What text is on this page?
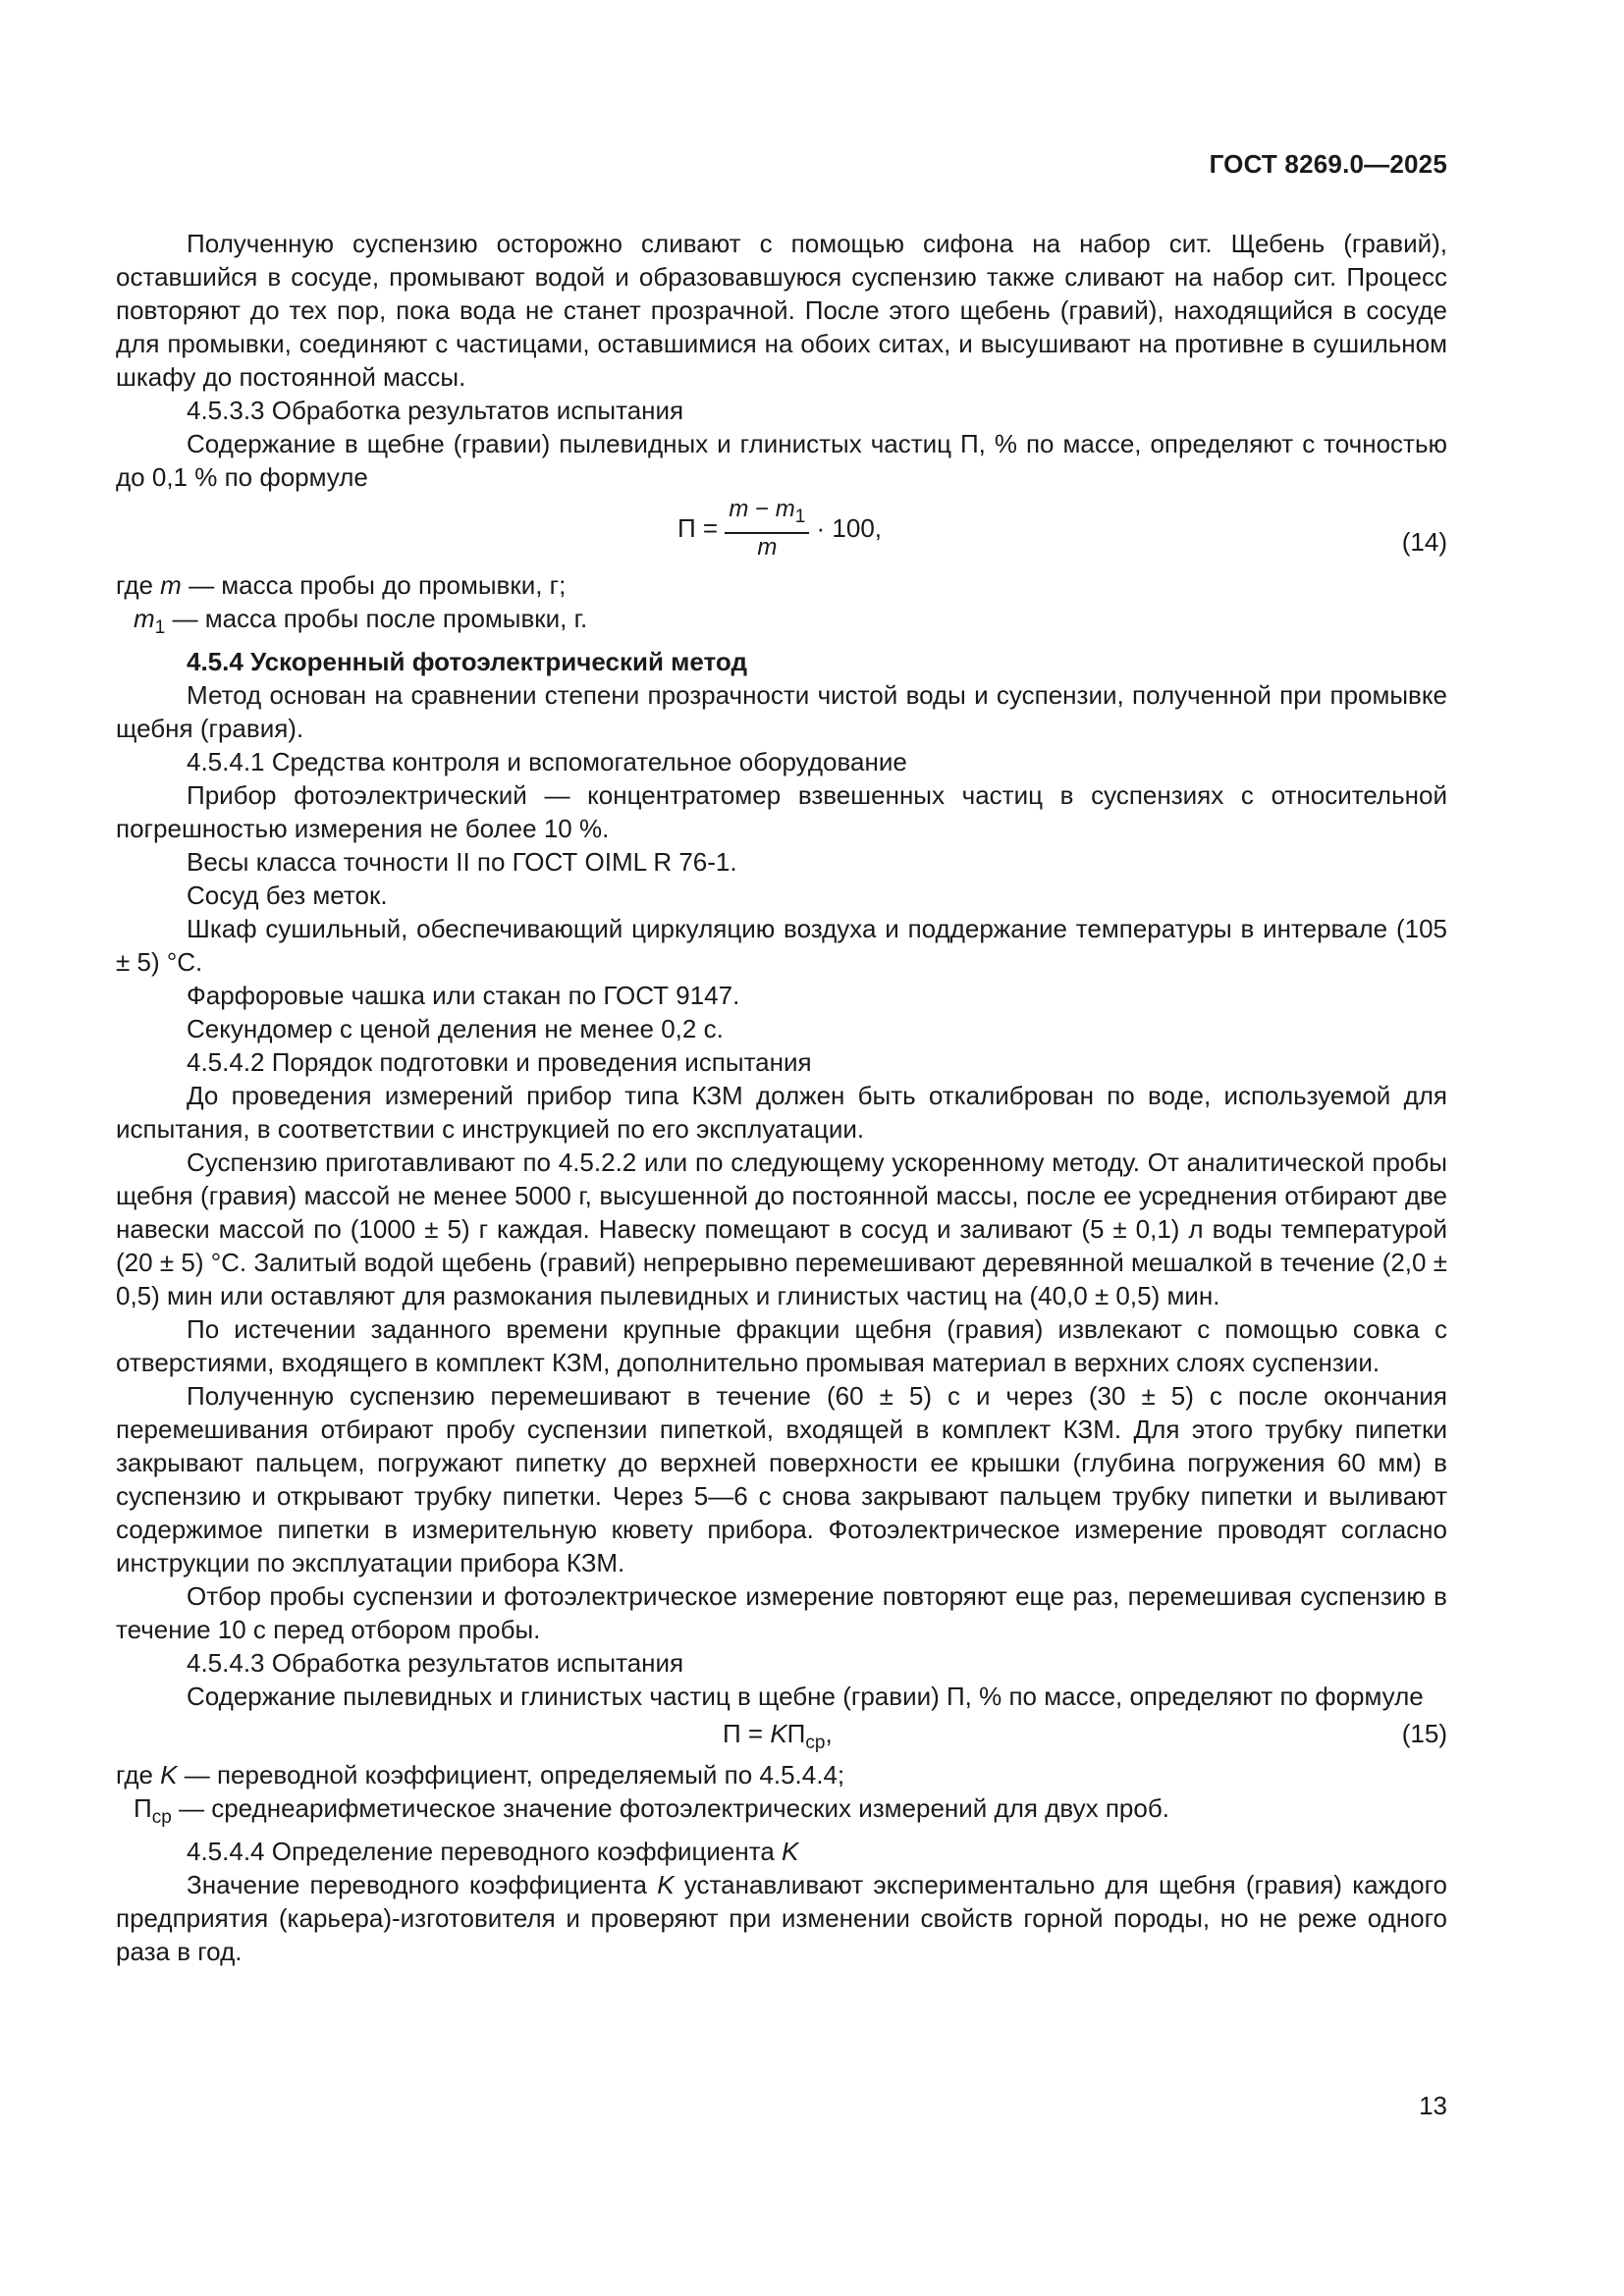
ГОСТ 8269.0—2025

Полученную суспензию осторожно сливают с помощью сифона на набор сит. Щебень (гравий), оставшийся в сосуде, промывают водой и образовавшуюся суспензию также сливают на набор сит. Процесс повторяют до тех пор, пока вода не станет прозрачной. После этого щебень (гравий), находящийся в сосуде для промывки, соединяют с частицами, оставшимися на обоих ситах, и высушивают на противне в сушильном шкафу до постоянной массы.

4.5.3.3 Обработка результатов испытания

Содержание в щебне (гравии) пылевидных и глинистых частиц П, % по массе, определяют с точностью до 0,1 % по формуле

$П = \frac{m - m_1}{m} \cdot 100$,	(14)

где m — масса пробы до промывки, г;

$m_1$ — масса пробы после промывки, г.

4.5.4 Ускоренный фотоэлектрический метод

Метод основан на сравнении степени прозрачности чистой воды и суспензии, полученной при промывке щебня (гравия).

4.5.4.1 Средства контроля и вспомогательное оборудование

Прибор фотоэлектрический — концентратомер взвешенных частиц в суспензиях с относительной погрешностью измерения не более 10 %.

Весы класса точности II по ГОСТ OIML R 76-1.

Сосуд без меток.

Шкаф сушильный, обеспечивающий циркуляцию воздуха и поддержание температуры в интервале (105 ± 5) °С.

Фарфоровые чашка или стакан по ГОСТ 9147.

Секундомер с ценой деления не менее 0,2 с.

4.5.4.2 Порядок подготовки и проведения испытания

До проведения измерений прибор типа КЗМ должен быть откалиброван по воде, используемой для испытания, в соответствии с инструкцией по его эксплуатации.

Суспензию приготавливают по 4.5.2.2 или по следующему ускоренному методу. От аналитической пробы щебня (гравия) массой не менее 5000 г, высушенной до постоянной массы, после ее усреднения отбирают две навески массой по (1000 ± 5) г каждая. Навеску помещают в сосуд и заливают (5 ± 0,1) л воды температурой (20 ± 5) °С. Залитый водой щебень (гравий) непрерывно перемешивают деревянной мешалкой в течение (2,0 ± 0,5) мин или оставляют для размокания пылевидных и глинистых частиц на (40,0 ± 0,5) мин.

По истечении заданного времени крупные фракции щебня (гравия) извлекают с помощью совка с отверстиями, входящего в комплект КЗМ, дополнительно промывая материал в верхних слоях суспензии.

Полученную суспензию перемешивают в течение (60 ± 5) с и через (30 ± 5) с после окончания перемешивания отбирают пробу суспензии пипеткой, входящей в комплект КЗМ. Для этого трубку пипетки закрывают пальцем, погружают пипетку до верхней поверхности ее крышки (глубина погружения 60 мм) в суспензию и открывают трубку пипетки. Через 5—6 с снова закрывают пальцем трубку пипетки и выливают содержимое пипетки в измерительную кювету прибора. Фотоэлектрическое измерение проводят согласно инструкции по эксплуатации прибора КЗМ.

Отбор пробы суспензии и фотоэлектрическое измерение повторяют еще раз, перемешивая суспензию в течение 10 с перед отбором пробы.

4.5.4.3 Обработка результатов испытания

Содержание пылевидных и глинистых частиц в щебне (гравии) П, % по массе, определяют по формуле

$П = KП_{ср}$,	(15)

где K — переводной коэффициент, определяемый по 4.5.4.4;

$П_{ср}$ — среднеарифметическое значение фотоэлектрических измерений для двух проб.

4.5.4.4 Определение переводного коэффициента K

Значение переводного коэффициента K устанавливают экспериментально для щебня (гравия) каждого предприятия (карьера)-изготовителя и проверяют при изменении свойств горной породы, но не реже одного раза в год.

13
